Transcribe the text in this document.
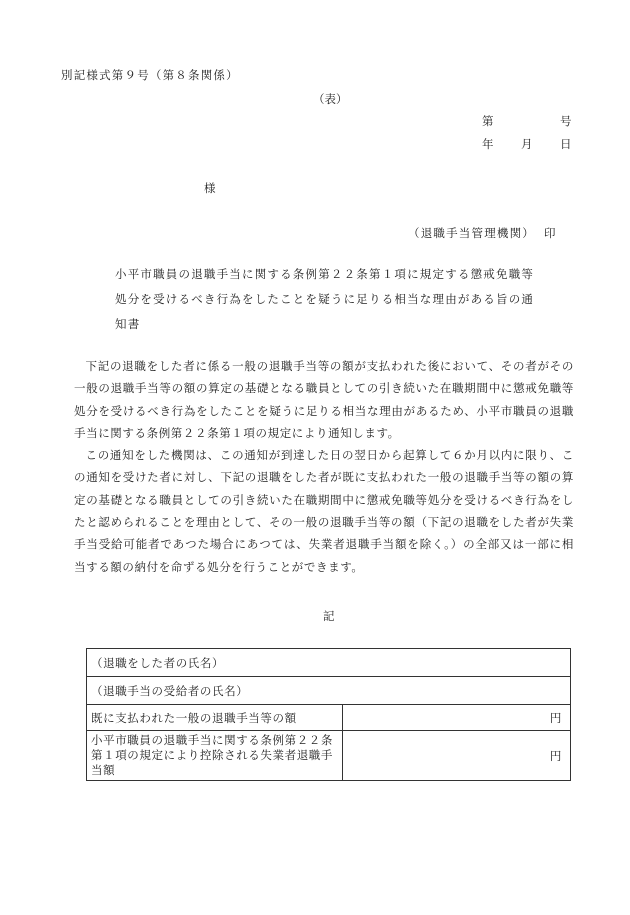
別記様式第９号（第８条関係）
（表）
第	号
年 月 日
様
（退職手当管理機関） 印
小平市職員の退職手当に関する条例第２２条第１項に規定する懲戒免職等
処分を受けるべき行為をしたことを疑うに足りる相当な理由がある旨の通
知書

下記の退職をした者に係る一般の退職手当等の額が支払われた後において、その者がその一般の退職手当等の額の算定の基礎となる職員としての引き続いた在職期間中に懲戒免職等処分を受けるべき行為をしたことを疑うに足りる相当な理由があるため、小平市職員の退職手当に関する条例第２２条第１項の規定により通知します。

この通知をした機関は、この通知が到達した日の翌日から起算して６か月以内に限り、この通知を受けた者に対し、下記の退職をした者が既に支払われた一般の退職手当等の額の算定の基礎となる職員としての引き続いた在職期間中に懲戒免職等処分を受けるべき行為をしたと認められることを理由として、その一般の退職手当等の額（下記の退職をした者が失業手当受給可能者であつた場合にあつては、失業者退職手当額を除く。）の全部又は一部に相当する額の納付を命ずる処分を行うことができます。

記
（退職をした者の氏名）	
（退職手当の受給者の氏名）	
既に支払われた一般の退職手当等の額	円
小平市職員の退職手当に関する条例第２２条第１項の規定により控除される失業者退職手当額	円
